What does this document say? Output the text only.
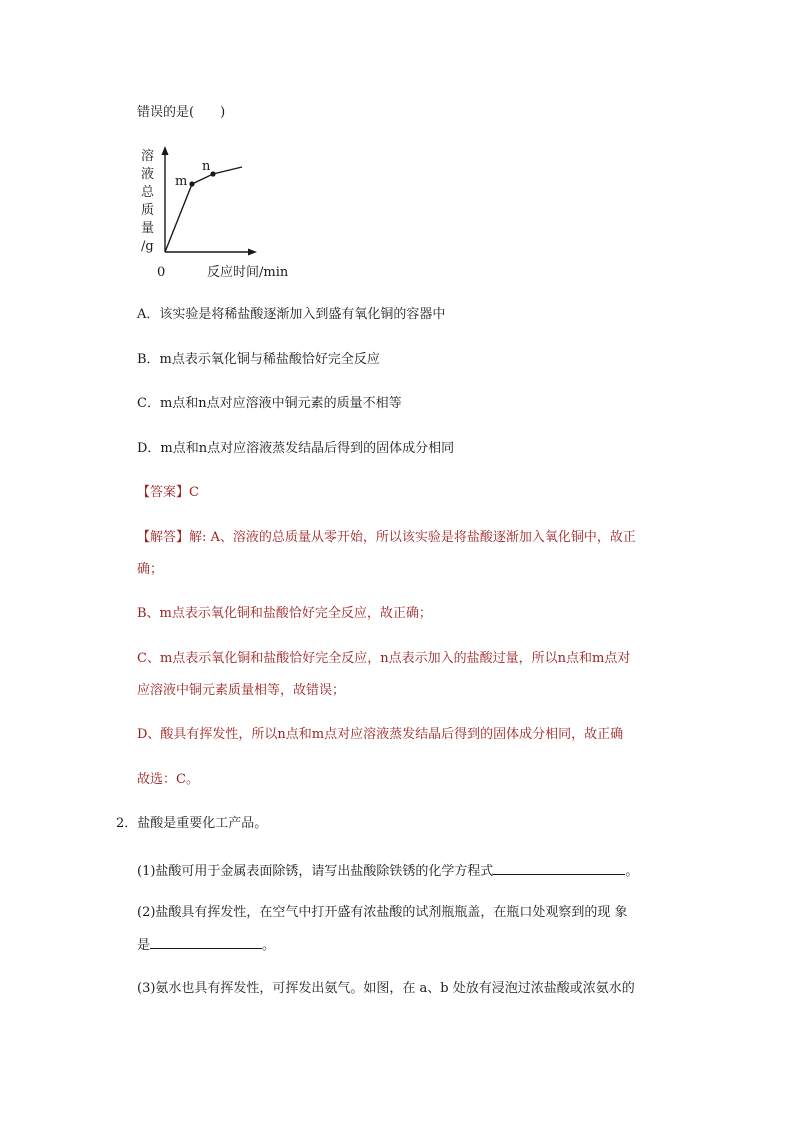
错误的是(　　)
溶
液
总
质
量
/g
m
n
0	反应时间/min
A．该实验是将稀盐酸逐渐加入到盛有氧化铜的容器中
B．m点表示氧化铜与稀盐酸恰好完全反应
C．m点和n点对应溶液中铜元素的质量不相等
D．m点和n点对应溶液蒸发结晶后得到的固体成分相同
【答案】C
【解答】解: A、溶液的总质量从零开始，所以该实验是将盐酸逐渐加入氧化铜中，故正
确；
B、m点表示氧化铜和盐酸恰好完全反应，故正确；
C、m点表示氧化铜和盐酸恰好完全反应，n点表示加入的盐酸过量，所以n点和m点对
应溶液中铜元素质量相等，故错误；
D、酸具有挥发性，所以n点和m点对应溶液蒸发结晶后得到的固体成分相同，故正确
故选：C。
2．盐酸是重要化工产品。
(1)盐酸可用于金属表面除锈，请写出盐酸除铁锈的化学方程式	。
(2)盐酸具有挥发性，在空气中打开盛有浓盐酸的试剂瓶瓶盖，在瓶口处观察到的现 象
是	。
(3)氨水也具有挥发性，可挥发出氨气。如图，在 a、b 处放有浸泡过浓盐酸或浓氨水的
